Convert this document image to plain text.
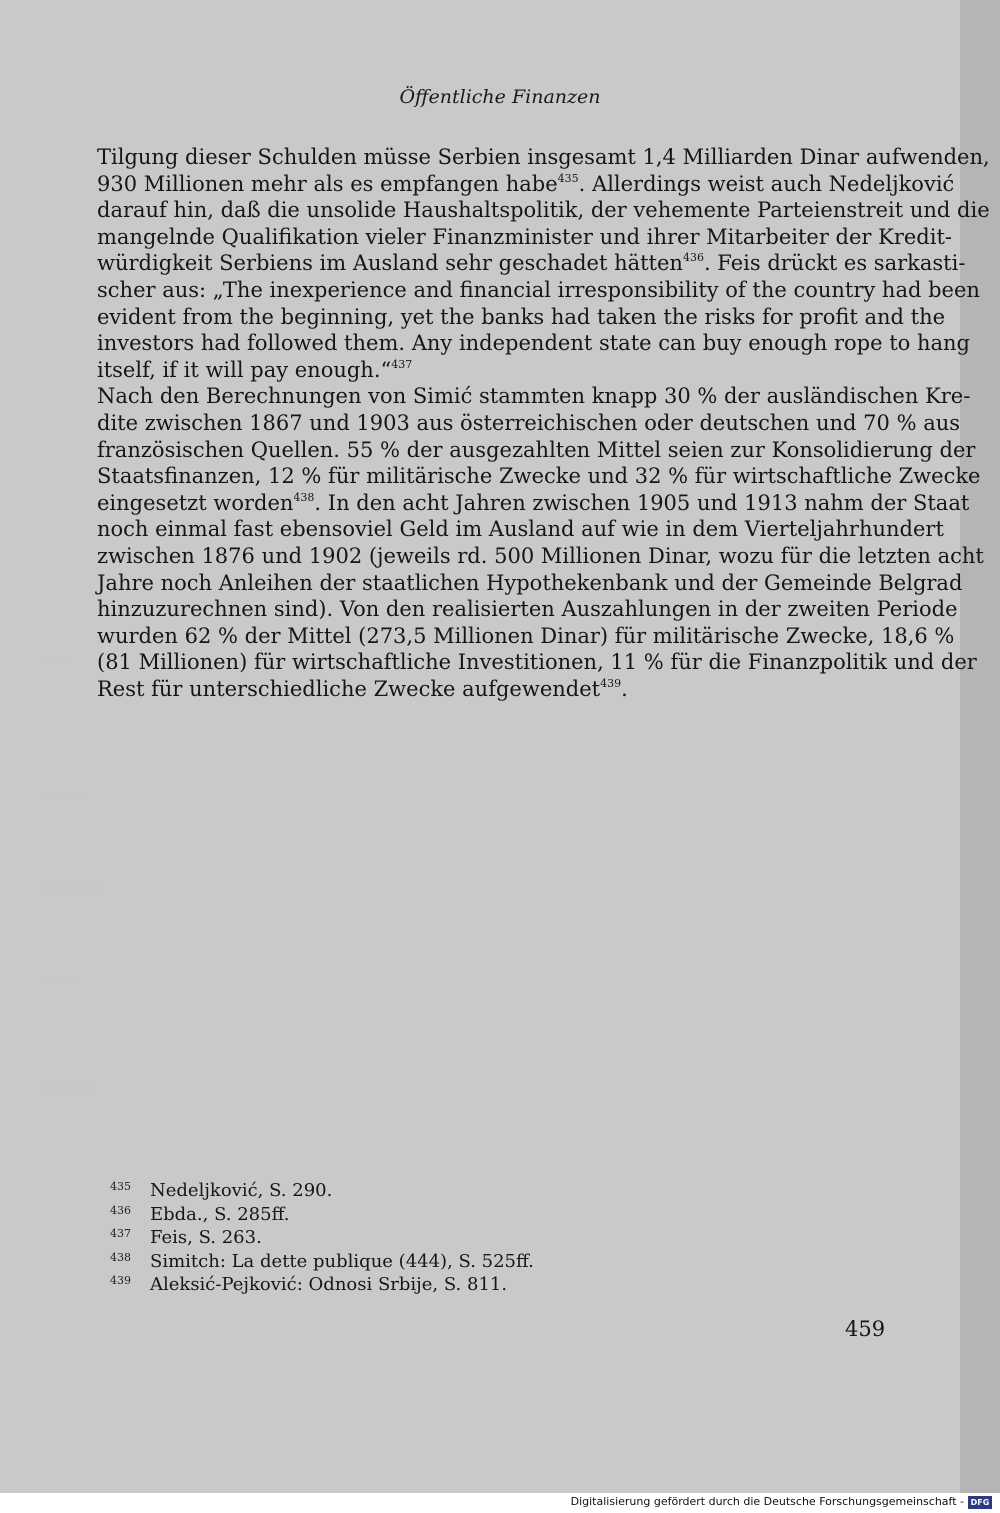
· · · · ·
· · · · · · ·
· · · · · · · · ·
· · · · · ·
· · · · · · · ·
Öffentliche Finanzen
Tilgung dieser Schulden müsse Serbien insgesamt 1,4 Milliarden Dinar aufwenden,
930 Millionen mehr als es empfangen habe$^{435}$. Allerdings weist auch Nedeljković
darauf hin, daß die unsolide Haushaltspolitik, der vehemente Parteienstreit und die
mangelnde Qualifikation vieler Finanzminister und ihrer Mitarbeiter der Kredit-
würdigkeit Serbiens im Ausland sehr geschadet hätten$^{436}$. Feis drückt es sarkasti-
scher aus: „The inexperience and financial irresponsibility of the country had been
evident from the beginning, yet the banks had taken the risks for profit and the
investors had followed them. Any independent state can buy enough rope to hang
itself, if it will pay enough.“$^{437}$
Nach den Berechnungen von Simić stammten knapp 30 % der ausländischen Kre-
dite zwischen 1867 und 1903 aus österreichischen oder deutschen und 70 % aus
französischen Quellen. 55 % der ausgezahlten Mittel seien zur Konsolidierung der
Staatsfinanzen, 12 % für militärische Zwecke und 32 % für wirtschaftliche Zwecke
eingesetzt worden$^{438}$. In den acht Jahren zwischen 1905 und 1913 nahm der Staat
noch einmal fast ebensoviel Geld im Ausland auf wie in dem Vierteljahrhundert
zwischen 1876 und 1902 (jeweils rd. 500 Millionen Dinar, wozu für die letzten acht
Jahre noch Anleihen der staatlichen Hypothekenbank und der Gemeinde Belgrad
hinzuzurechnen sind). Von den realisierten Auszahlungen in der zweiten Periode
wurden 62 % der Mittel (273,5 Millionen Dinar) für militärische Zwecke, 18,6 %
(81 Millionen) für wirtschaftliche Investitionen, 11 % für die Finanzpolitik und der
Rest für unterschiedliche Zwecke aufgewendet$^{439}$.
435	Nedeljković, S. 290.
436	Ebda., S. 285ff.
437	Feis, S. 263.
438	Simitch: La dette publique (444), S. 525ff.
439	Aleksić-Pejković: Odnosi Srbije, S. 811.
459
Digitalisierung gefördert durch die Deutsche Forschungsgemeinschaft - DFG
